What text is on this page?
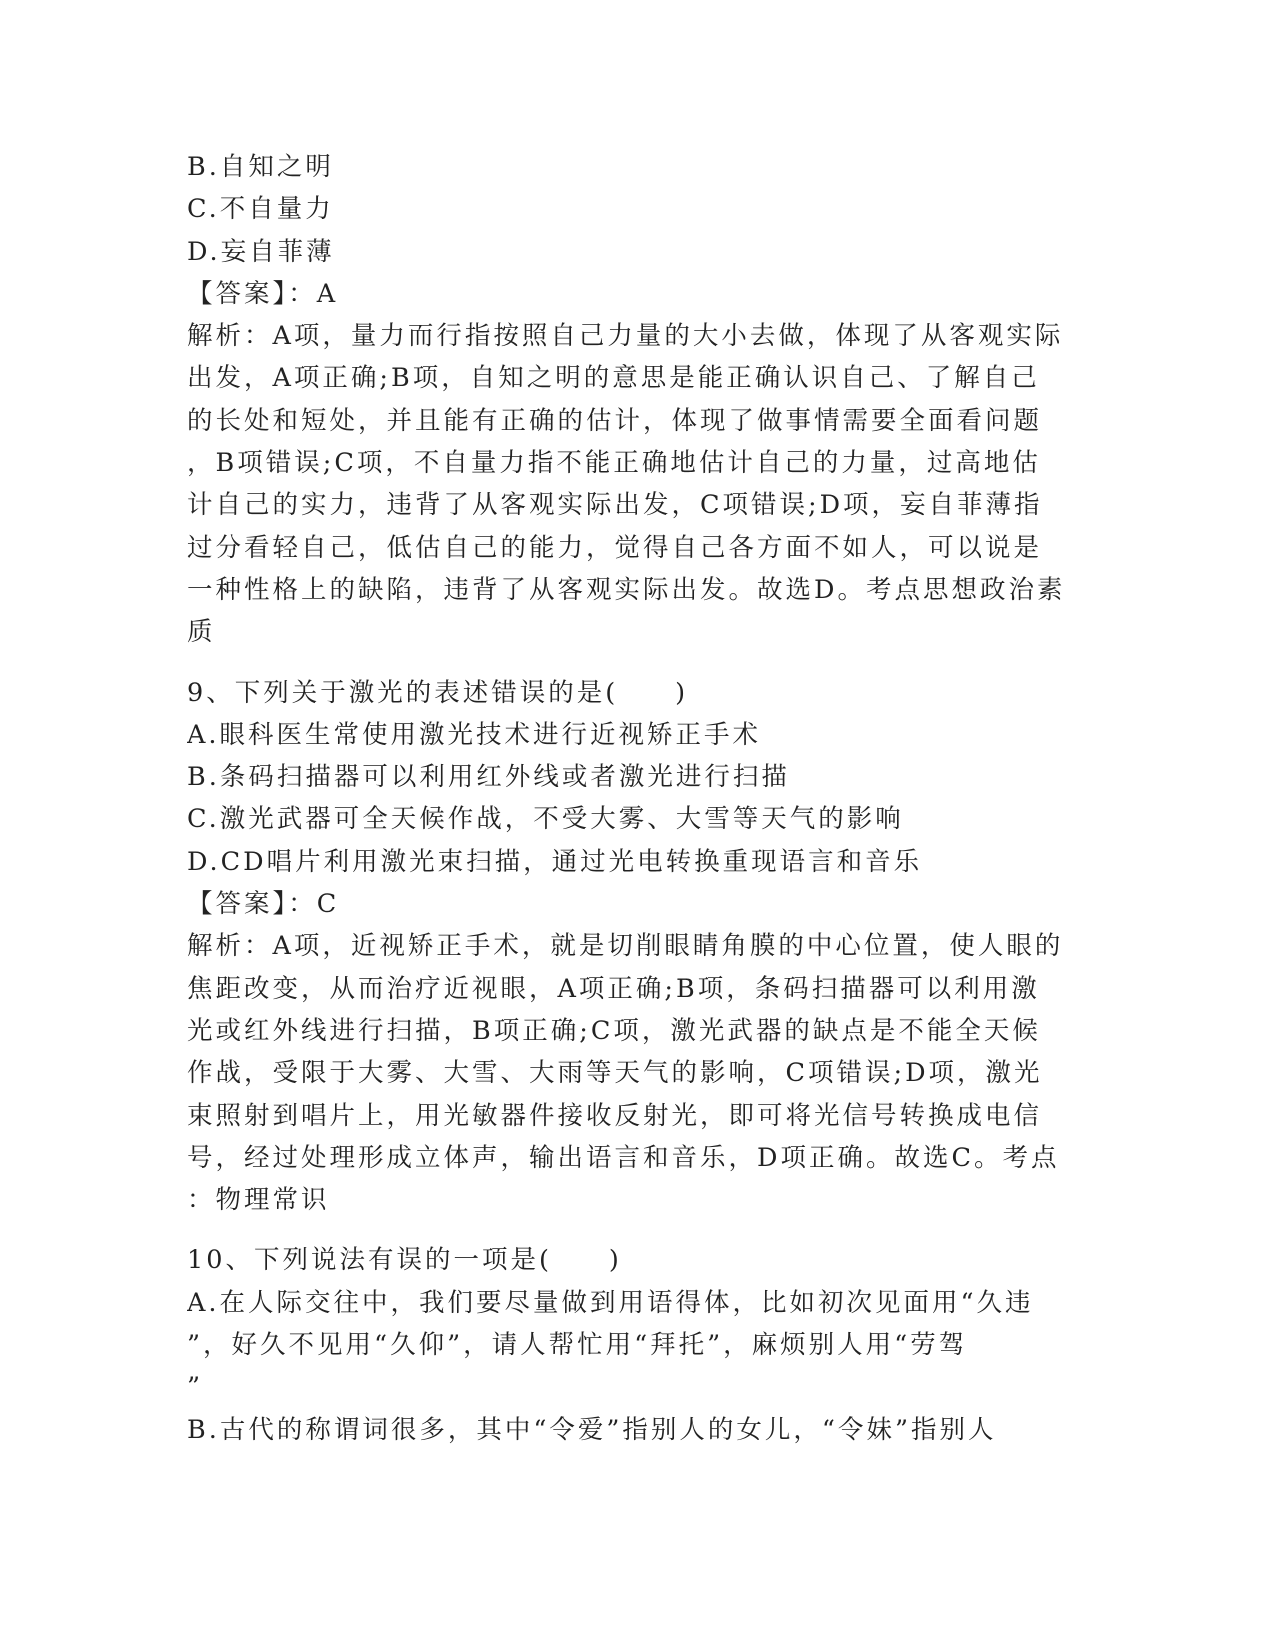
B.自知之明
C.不自量力
D.妄自菲薄
【答案】：A
解析：A项，量力而行指按照自己力量的大小去做，体现了从客观实际
出发，A项正确;B项，自知之明的意思是能正确认识自己、了解自己
的长处和短处，并且能有正确的估计，体现了做事情需要全面看问题
，B项错误;C项，不自量力指不能正确地估计自己的力量，过高地估
计自己的实力，违背了从客观实际出发，C项错误;D项，妄自菲薄指
过分看轻自己，低估自己的能力，觉得自己各方面不如人，可以说是
一种性格上的缺陷，违背了从客观实际出发。故选D。考点思想政治素
质
9、下列关于激光的表述错误的是(　　)
A.眼科医生常使用激光技术进行近视矫正手术
B.条码扫描器可以利用红外线或者激光进行扫描
C.激光武器可全天候作战，不受大雾、大雪等天气的影响
D.CD唱片利用激光束扫描，通过光电转换重现语言和音乐
【答案】：C
解析：A项，近视矫正手术，就是切削眼睛角膜的中心位置，使人眼的
焦距改变，从而治疗近视眼，A项正确;B项，条码扫描器可以利用激
光或红外线进行扫描，B项正确;C项，激光武器的缺点是不能全天候
作战，受限于大雾、大雪、大雨等天气的影响，C项错误;D项，激光
束照射到唱片上，用光敏器件接收反射光，即可将光信号转换成电信
号，经过处理形成立体声，输出语言和音乐，D项正确。故选C。考点
：物理常识
10、下列说法有误的一项是(　　)
A.在人际交往中，我们要尽量做到用语得体，比如初次见面用“久违
”，好久不见用“久仰”，请人帮忙用“拜托”，麻烦别人用“劳驾
”
B.古代的称谓词很多，其中“令爱”指别人的女儿，“令妹”指别人
